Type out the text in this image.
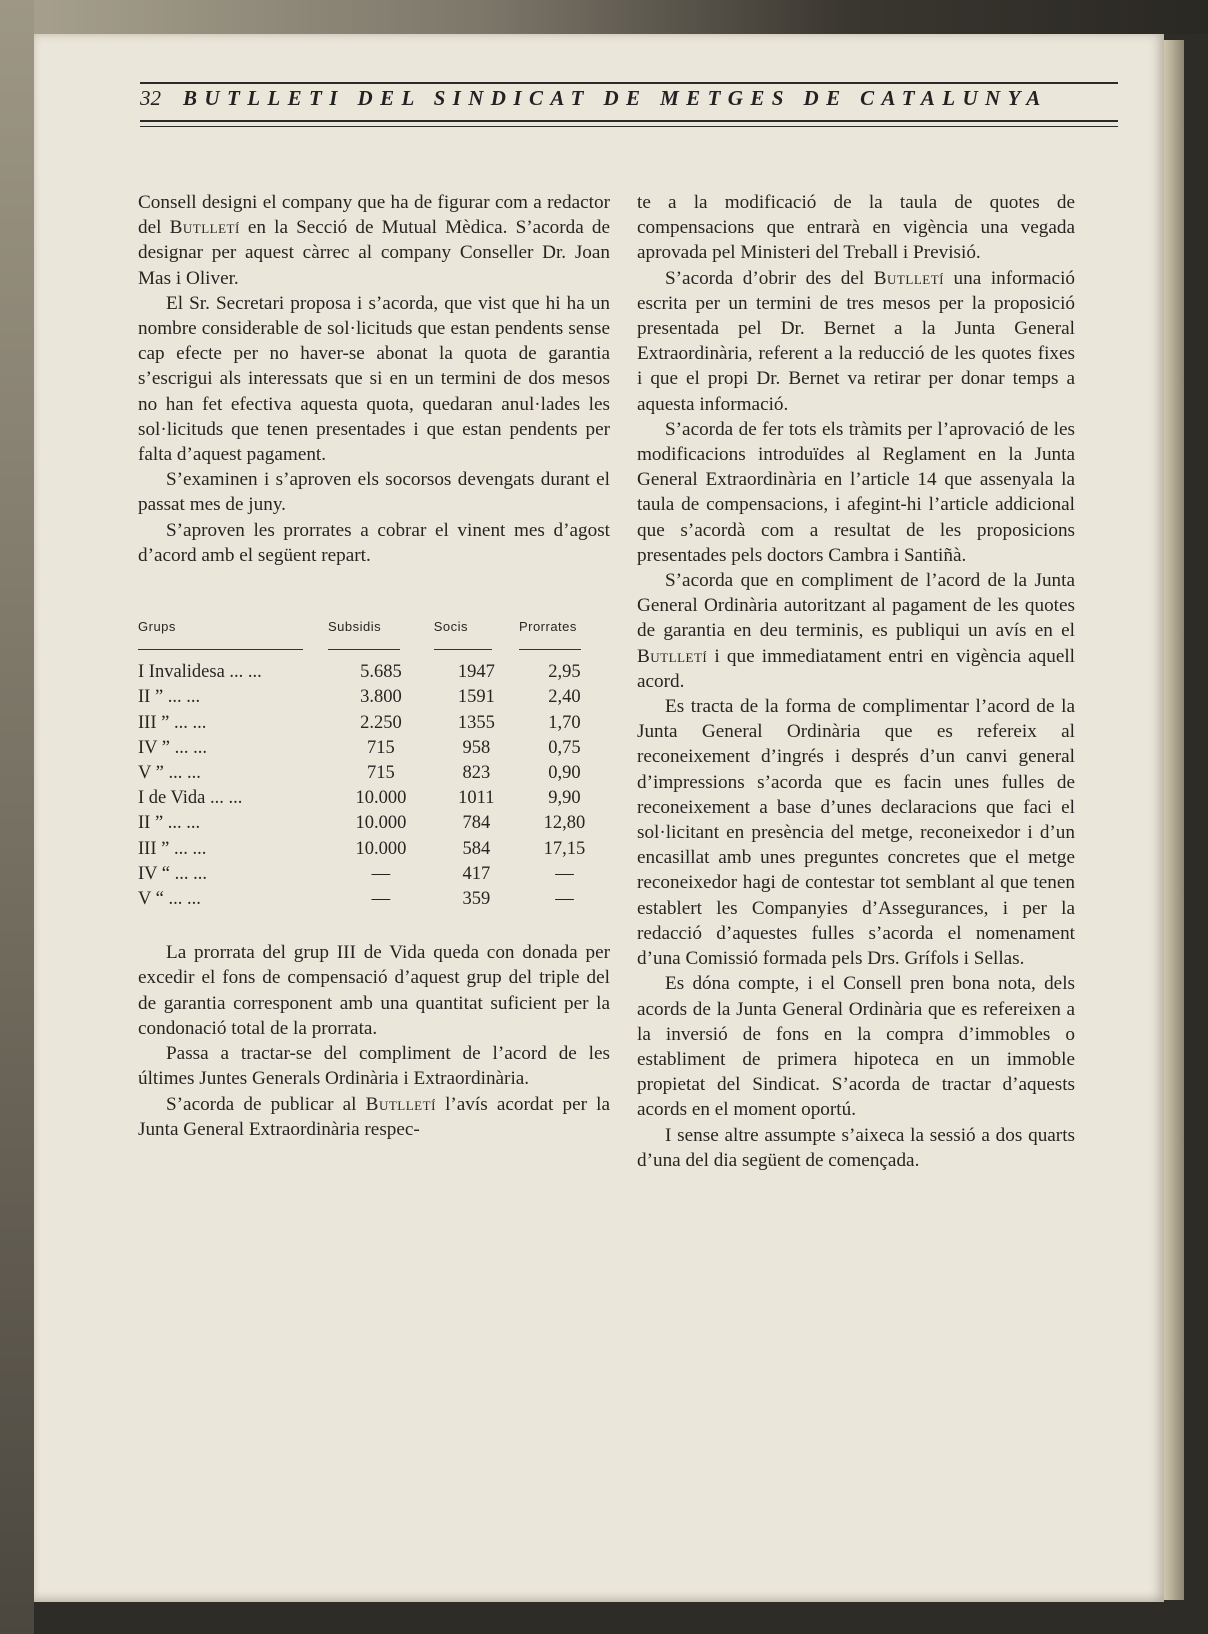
32 BUTLLETI DEL SINDICAT DE METGES DE CATALUNYA

Consell designi el company que ha de figurar com a redactor del Butlletí en la Secció de Mutual Mèdica. S’acorda de designar per aquest càrrec al company Conseller Dr. Joan Mas i Oliver.

El Sr. Secretari proposa i s’acorda, que vist que hi ha un nombre considerable de sol·licituds que estan pendents sense cap efecte per no haver-se abonat la quota de garantia s’escrigui als interessats que si en un termini de dos mesos no han fet efectiva aquesta quota, quedaran anul·lades les sol·licituds que tenen presentades i que estan pendents per falta d’aquest pagament.

S’examinen i s’aproven els socorsos devengats durant el passat mes de juny.

S’aproven les prorrates a cobrar el vinent mes d’agost d’acord amb el següent repart.

Grups	Subsidis	Socis	Prorrates
I Invalidesa ... ...	5.685	1947	2,95
II ” ... ...	3.800	1591	2,40
III ” ... ...	2.250	1355	1,70
IV ” ... ...	715	958	0,75
V ” ... ...	715	823	0,90
I de Vida ... ...	10.000	1011	9,90
II ” ... ...	10.000	784	12,80
III ” ... ...	10.000	584	17,15
IV “ ... ...	—	417	—
V “ ... ...	—	359	—

La prorrata del grup III de Vida queda con donada per excedir el fons de compensació d’aquest grup del triple del de garantia corresponent amb una quantitat suficient per la condonació total de la prorrata.

Passa a tractar-se del compliment de l’acord de les últimes Juntes Generals Ordinària i Extraordinària.

S’acorda de publicar al Butlletí l’avís acordat per la Junta General Extraordinària respec-

te a la modificació de la taula de quotes de compensacions que entrarà en vigència una vegada aprovada pel Ministeri del Treball i Previsió.

S’acorda d’obrir des del Butlletí una informació escrita per un termini de tres mesos per la proposició presentada pel Dr. Bernet a la Junta General Extraordinària, referent a la reducció de les quotes fixes i que el propi Dr. Bernet va retirar per donar temps a aquesta informació.

S’acorda de fer tots els tràmits per l’aprovació de les modificacions introduïdes al Reglament en la Junta General Extraordinària en l’article 14 que assenyala la taula de compensacions, i afegint-hi l’article addicional que s’acordà com a resultat de les proposicions presentades pels doctors Cambra i Santiñà.

S’acorda que en compliment de l’acord de la Junta General Ordinària autoritzant al pagament de les quotes de garantia en deu terminis, es publiqui un avís en el Butlletí i que immediatament entri en vigència aquell acord.

Es tracta de la forma de complimentar l’acord de la Junta General Ordinària que es refereix al reconeixement d’ingrés i després d’un canvi general d’impressions s’acorda que es facin unes fulles de reconeixement a base d’unes declaracions que faci el sol·licitant en presència del metge, reconeixedor i d’un encasillat amb unes preguntes concretes que el metge reconeixedor hagi de contestar tot semblant al que tenen establert les Companyies d’Assegurances, i per la redacció d’aquestes fulles s’acorda el nomenament d’una Comissió formada pels Drs. Grífols i Sellas.

Es dóna compte, i el Consell pren bona nota, dels acords de la Junta General Ordinària que es refereixen a la inversió de fons en la compra d’immobles o establiment de primera hipoteca en un immoble propietat del Sindicat. S’acorda de tractar d’aquests acords en el moment oportú.

I sense altre assumpte s’aixeca la sessió a dos quarts d’una del dia següent de començada.
